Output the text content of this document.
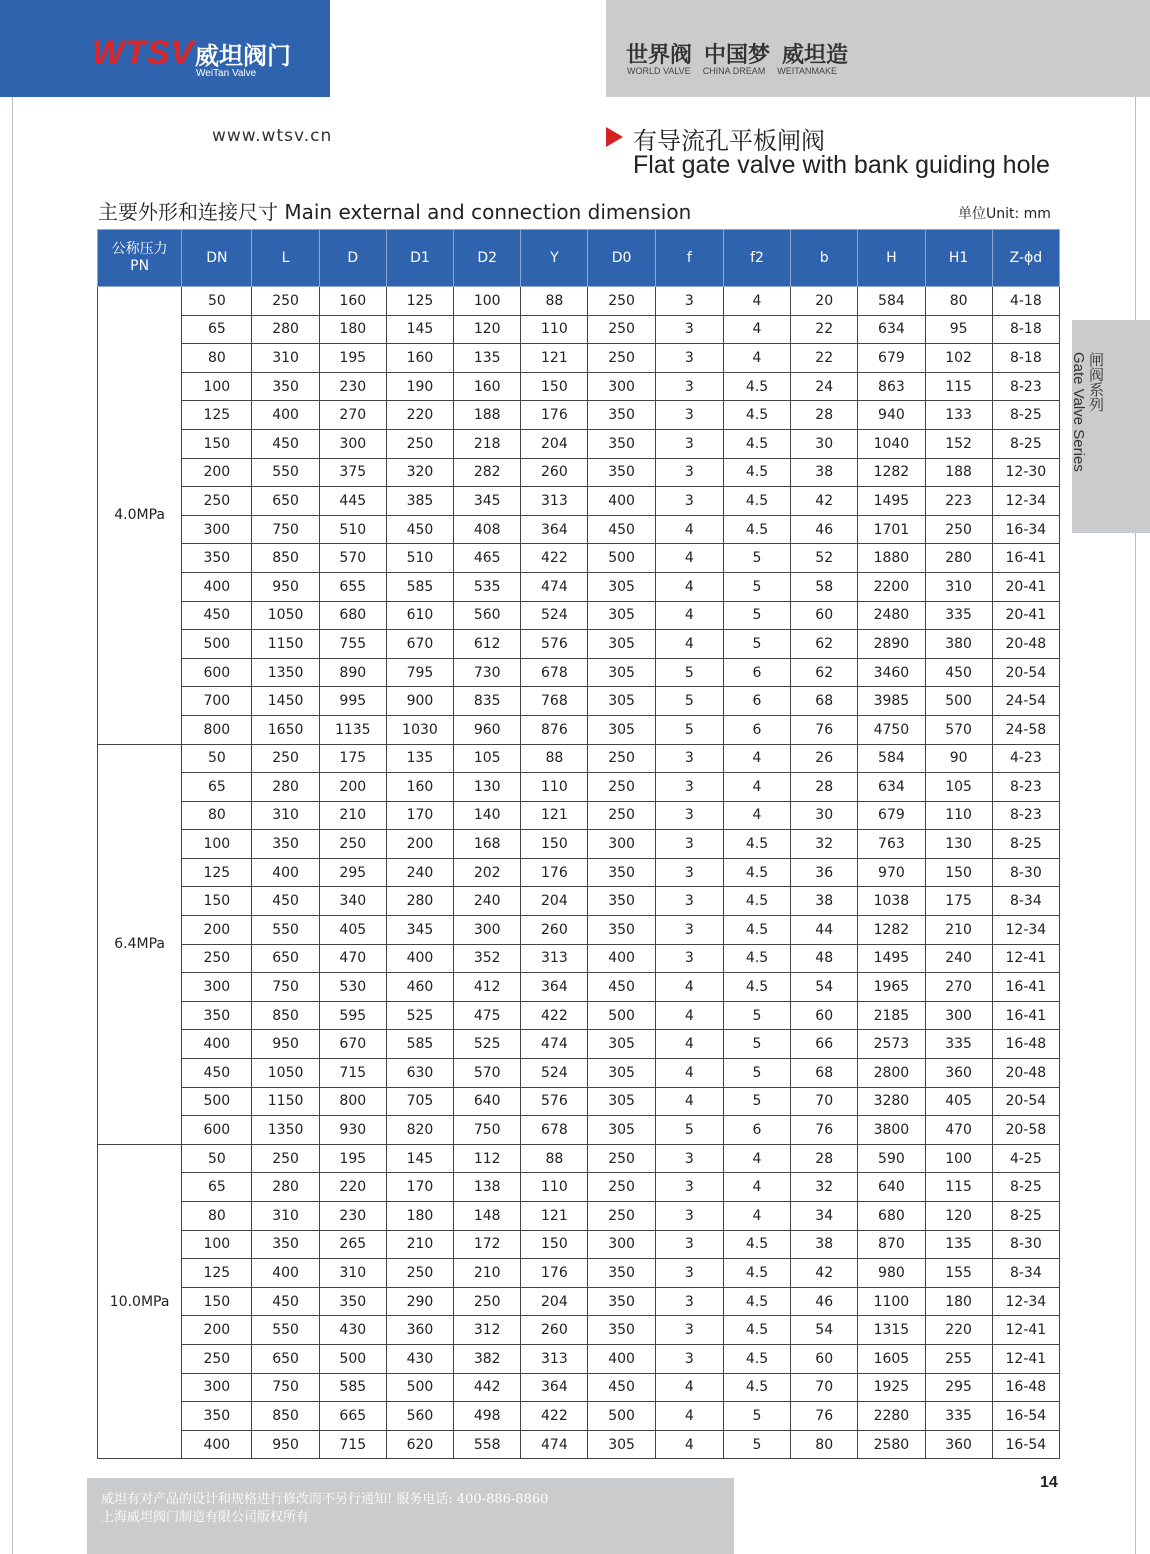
WTSV 威坦阀门
WeiTan Valve
世界阀 中国梦 威坦造
WORLD VALVE CHINA DREAM WEITANMAKE
www.wtsv.cn	有导流孔平板闸阀
Flat gate valve with bank guiding hole
主要外形和连接尺寸 Main external and connection dimension	单位Unit: mm
闸阀系列
Gate Valve Series
公称压力
PN	DN	L	D	D1	D2	Y	D0	f	f2	b	H	H1	Z-ϕd
4.0MPa	50	250	160	125	100	88	250	3	4	20	584	80	4-18
	65	280	180	145	120	110	250	3	4	22	634	95	8-18
	80	310	195	160	135	121	250	3	4	22	679	102	8-18
	100	350	230	190	160	150	300	3	4.5	24	863	115	8-23
	125	400	270	220	188	176	350	3	4.5	28	940	133	8-25
	150	450	300	250	218	204	350	3	4.5	30	1040	152	8-25
	200	550	375	320	282	260	350	3	4.5	38	1282	188	12-30
	250	650	445	385	345	313	400	3	4.5	42	1495	223	12-34
	300	750	510	450	408	364	450	4	4.5	46	1701	250	16-34
	350	850	570	510	465	422	500	4	5	52	1880	280	16-41
	400	950	655	585	535	474	305	4	5	58	2200	310	20-41
	450	1050	680	610	560	524	305	4	5	60	2480	335	20-41
	500	1150	755	670	612	576	305	4	5	62	2890	380	20-48
	600	1350	890	795	730	678	305	5	6	62	3460	450	20-54
	700	1450	995	900	835	768	305	5	6	68	3985	500	24-54
	800	1650	1135	1030	960	876	305	5	6	76	4750	570	24-58
6.4MPa	50	250	175	135	105	88	250	3	4	26	584	90	4-23
	65	280	200	160	130	110	250	3	4	28	634	105	8-23
	80	310	210	170	140	121	250	3	4	30	679	110	8-23
	100	350	250	200	168	150	300	3	4.5	32	763	130	8-25
	125	400	295	240	202	176	350	3	4.5	36	970	150	8-30
	150	450	340	280	240	204	350	3	4.5	38	1038	175	8-34
	200	550	405	345	300	260	350	3	4.5	44	1282	210	12-34
	250	650	470	400	352	313	400	3	4.5	48	1495	240	12-41
	300	750	530	460	412	364	450	4	4.5	54	1965	270	16-41
	350	850	595	525	475	422	500	4	5	60	2185	300	16-41
	400	950	670	585	525	474	305	4	5	66	2573	335	16-48
	450	1050	715	630	570	524	305	4	5	68	2800	360	20-48
	500	1150	800	705	640	576	305	4	5	70	3280	405	20-54
	600	1350	930	820	750	678	305	5	6	76	3800	470	20-58
10.0MPa	50	250	195	145	112	88	250	3	4	28	590	100	4-25
	65	280	220	170	138	110	250	3	4	32	640	115	8-25
	80	310	230	180	148	121	250	3	4	34	680	120	8-25
	100	350	265	210	172	150	300	3	4.5	38	870	135	8-30
	125	400	310	250	210	176	350	3	4.5	42	980	155	8-34
	150	450	350	290	250	204	350	3	4.5	46	1100	180	12-34
	200	550	430	360	312	260	350	3	4.5	54	1315	220	12-41
	250	650	500	430	382	313	400	3	4.5	60	1605	255	12-41
	300	750	585	500	442	364	450	4	4.5	70	1925	295	16-48
	350	850	665	560	498	422	500	4	5	76	2280	335	16-54
	400	950	715	620	558	474	305	4	5	80	2580	360	16-54
威坦有对产品的设计和规格进行修改而不另行通知! 服务电话: 400-886-8860
上海威坦阀门制造有限公司版权所有
14
